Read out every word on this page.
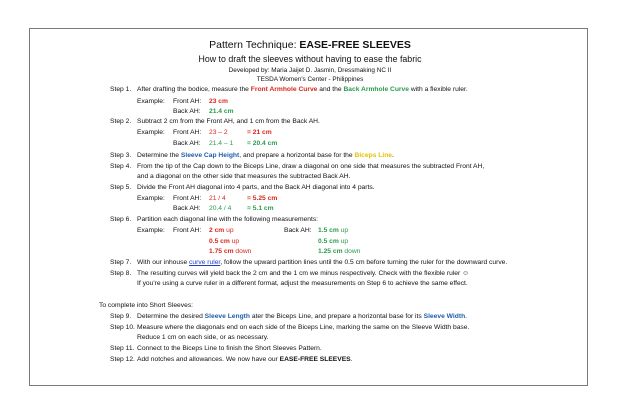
Pattern Technique: EASE-FREE SLEEVES
How to draft the sleeves without having to ease the fabric
Developed by: Maria Jaijet D. Jasmin, Dressmaking NC II
TESDA Women's Center - Philippines
Step 1. After drafting the bodice, measure the Front Armhole Curve and the Back Armhole Curve with a flexible ruler.
Example: Front AH: 23 cm
Back AH: 21.4 cm
Step 2. Subtract 2 cm from the Front AH, and 1 cm from the Back AH.
Example: Front AH: 23 – 2	= 21 cm
Back AH: 21.4 – 1 = 20.4 cm
Step 3. Determine the Sleeve Cap Height, and prepare a horizontal base for the Biceps Line.
Step 4. From the tip of the Cap down to the Biceps Line, draw a diagonal on one side that measures the subtracted Front AH,
and a diagonal on the other side that measures the subtracted Back AH.
Step 5. Divide the Front AH diagonal into 4 parts, and the Back AH diagonal into 4 parts.
Example: Front AH: 21 / 4	= 5.25 cm
Back AH: 20.4 / 4 = 5.1 cm
Step 6. Partition each diagonal line with the following measurements:
Example: Front AH: 2 cm up
0.5 cm up
1.75 cm down
Back AH: 1.5 cm up
0.5 cm up
1.25 cm down
Step 7. With our inhouse curve ruler, follow the upward partition lines until the 0.5 cm before turning the ruler for the downward curve.
Step 8. The resulting curves will yield back the 2 cm and the 1 cm we minus respectively. Check with the flexible ruler ☺
If you're using a curve ruler in a different format, adjust the measurements on Step 6 to achieve the same effect.
To complete into Short Sleeves:
Step 9. Determine the desired Sleeve Length ater the Biceps Line, and prepare a horizontal base for its Sleeve Width.
Step 10. Measure where the diagonals end on each side of the Biceps Line, marking the same on the Sleeve Width base.
Reduce 1 cm on each side, or as necessary.
Step 11. Connect to the Biceps Line to finish the Short Sleeves Pattern.
Step 12. Add notches and allowances. We now have our EASE-FREE SLEEVES.
